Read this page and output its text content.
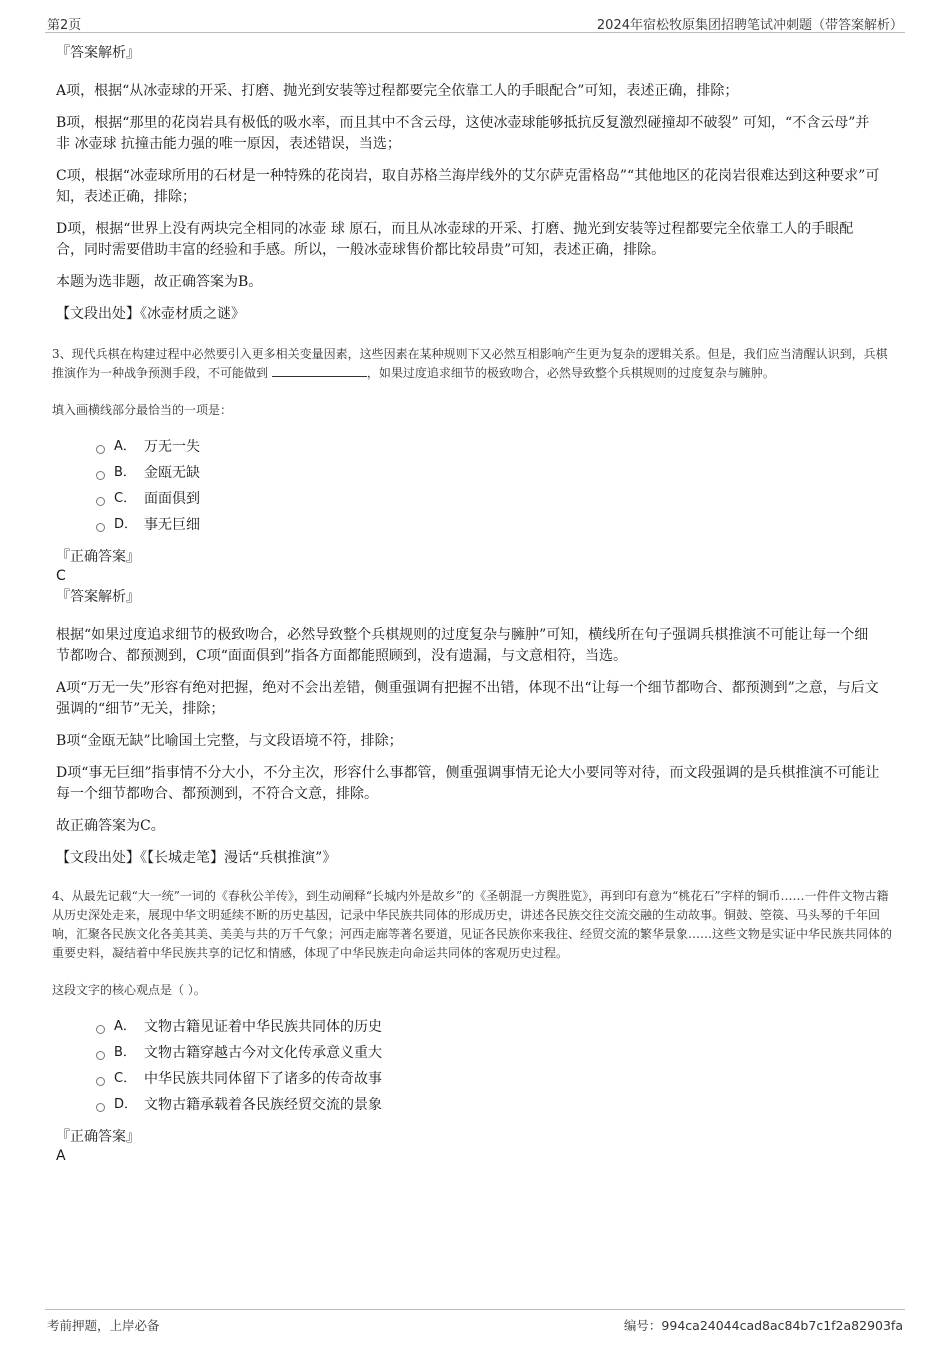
第2页	2024年宿松牧原集团招聘笔试冲刺题（带答案解析）

『答案解析』

A项，根据“从冰壶球的开采、打磨、抛光到安装等过程都要完全依靠工人的手眼配合”可知，表述正确，排除；

B项，根据“那里的花岗岩具有极低的吸水率，而且其中不含云母，这使冰壶球能够抵抗反复激烈碰撞却不破裂” 可知，“不含云母”并非 冰壶球 抗撞击能力强的唯一原因，表述错误，当选；

C项，根据“冰壶球所用的石材是一种特殊的花岗岩，取自苏格兰海岸线外的艾尔萨克雷格岛”“其他地区的花岗岩很难达到这种要求”可知，表述正确，排除；

D项，根据“世界上没有两块完全相同的冰壶 球 原石，而且从冰壶球的开采、打磨、抛光到安装等过程都要完全依靠工人的手眼配合，同时需要借助丰富的经验和手感。所以，一般冰壶球售价都比较昂贵”可知，表述正确，排除。

本题为选非题，故正确答案为B。

【文段出处】《冰壶材质之谜》

3、现代兵棋在构建过程中必然要引入更多相关变量因素，这些因素在某种规则下又必然互相影响产生更为复杂的逻辑关系。但是，我们应当清醒认识到，兵棋推演作为一种战争预测手段，不可能做到	，如果过度追求细节的极致吻合，必然导致整个兵棋规则的过度复杂与臃肿。

填入画横线部分最恰当的一项是：

A． 万无一失
B． 金瓯无缺
C． 面面俱到
D． 事无巨细

『正确答案』

C

『答案解析』

根据“如果过度追求细节的极致吻合，必然导致整个兵棋规则的过度复杂与臃肿”可知，横线所在句子强调兵棋推演不可能让每一个细节都吻合、都预测到，C项“面面俱到”指各方面都能照顾到，没有遗漏，与文意相符，当选。

A项“万无一失”形容有绝对把握，绝对不会出差错，侧重强调有把握不出错，体现不出“让每一个细节都吻合、都预测到”之意，与后文强调的“细节”无关，排除；

B项“金瓯无缺”比喻国土完整，与文段语境不符，排除；

D项“事无巨细”指事情不分大小，不分主次，形容什么事都管，侧重强调事情无论大小要同等对待，而文段强调的是兵棋推演不可能让每一个细节都吻合、都预测到，不符合文意，排除。

故正确答案为C。

【文段出处】《【长城走笔】漫话“兵棋推演”》

4、从最先记载“大一统”一词的《春秋公羊传》，到生动阐释“长城内外是故乡”的《圣朝混一方舆胜览》，再到印有意为“桃花石”字样的铜币……一件件文物古籍从历史深处走来，展现中华文明延续不断的历史基因，记录中华民族共同体的形成历史，讲述各民族交往交流交融的生动故事。铜鼓、箜篌、马头琴的千年回响，汇聚各民族文化各美其美、美美与共的万千气象；河西走廊等著名要道，见证各民族你来我往、经贸交流的繁华景象……这些文物是实证中华民族共同体的重要史料，凝结着中华民族共享的记忆和情感，体现了中华民族走向命运共同体的客观历史过程。

这段文字的核心观点是（ ）。

A． 文物古籍见证着中华民族共同体的历史
B． 文物古籍穿越古今对文化传承意义重大
C． 中华民族共同体留下了诸多的传奇故事
D． 文物古籍承载着各民族经贸交流的景象

『正确答案』

A

考前押题，上岸必备	编号：994ca24044cad8ac84b7c1f2a82903fa
